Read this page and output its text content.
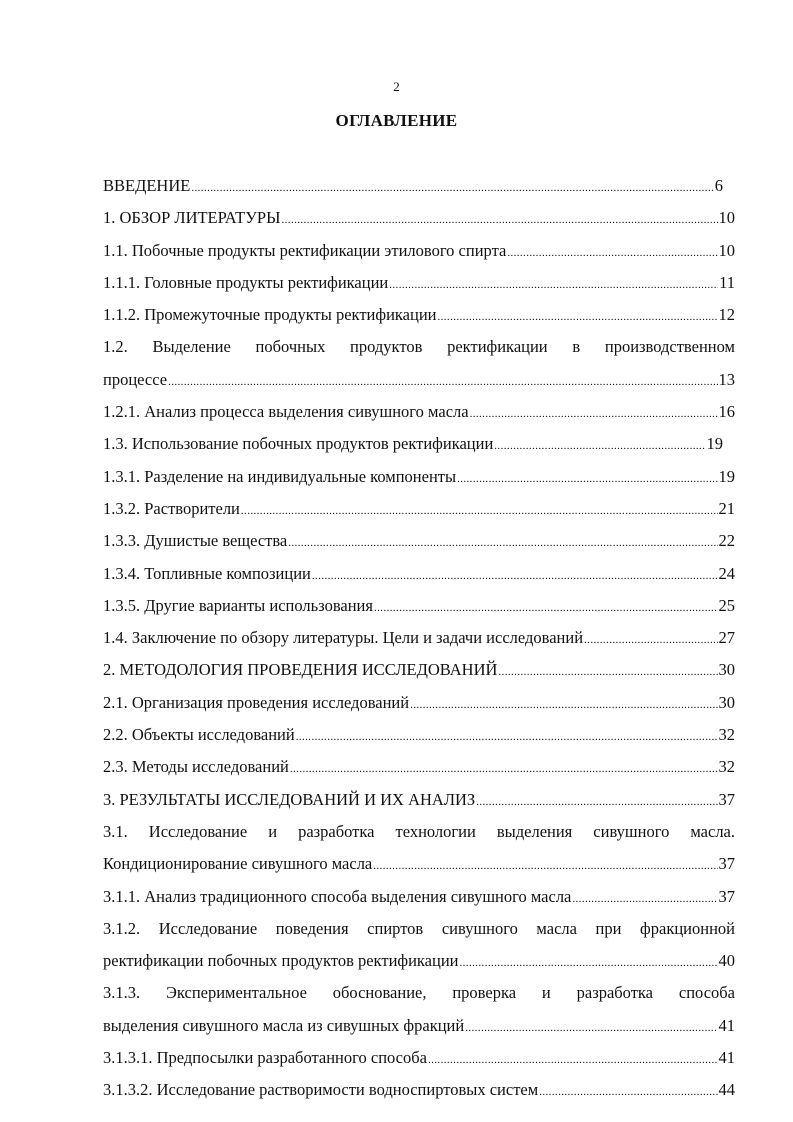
2
ОГЛАВЛЕНИЕ
ВВЕДЕНИЕ .....	6
1. ОБЗОР ЛИТЕРАТУРЫ .....	10
1.1. Побочные продукты ректификации этилового спирта .....	10
1.1.1. Головные продукты ректификации .....	11
1.1.2. Промежуточные продукты ректификации .....	12
1.2. Выделение побочных продуктов ректификации в производственном
процессе .....	13
1.2.1. Анализ процесса выделения сивушного масла .....	16
1.3. Использование побочных продуктов ректификации .....	19
1.3.1. Разделение на индивидуальные компоненты .....	19
1.3.2. Растворители .....	21
1.3.3. Душистые вещества .....	22
1.3.4. Топливные композиции .....	24
1.3.5. Другие варианты использования .....	25
1.4. Заключение по обзору литературы. Цели и задачи исследований .....	27
2. МЕТОДОЛОГИЯ ПРОВЕДЕНИЯ ИССЛЕДОВАНИЙ .....	30
2.1. Организация проведения исследований .....	30
2.2. Объекты исследований .....	32
2.3. Методы исследований .....	32
3. РЕЗУЛЬТАТЫ ИССЛЕДОВАНИЙ И ИХ АНАЛИЗ .....	37
3.1. Исследование и разработка технологии выделения сивушного масла.
Кондиционирование сивушного масла .....	37
3.1.1. Анализ традиционного способа выделения сивушного масла .....	37
3.1.2. Исследование поведения спиртов сивушного масла при фракционной
ректификации побочных продуктов ректификации .....	40
3.1.3. Экспериментальное обоснование, проверка и разработка способа
выделения сивушного масла из сивушных фракций .....	41
3.1.3.1. Предпосылки разработанного способа .....	41
3.1.3.2. Исследование растворимости водноспиртовых систем .....	44
